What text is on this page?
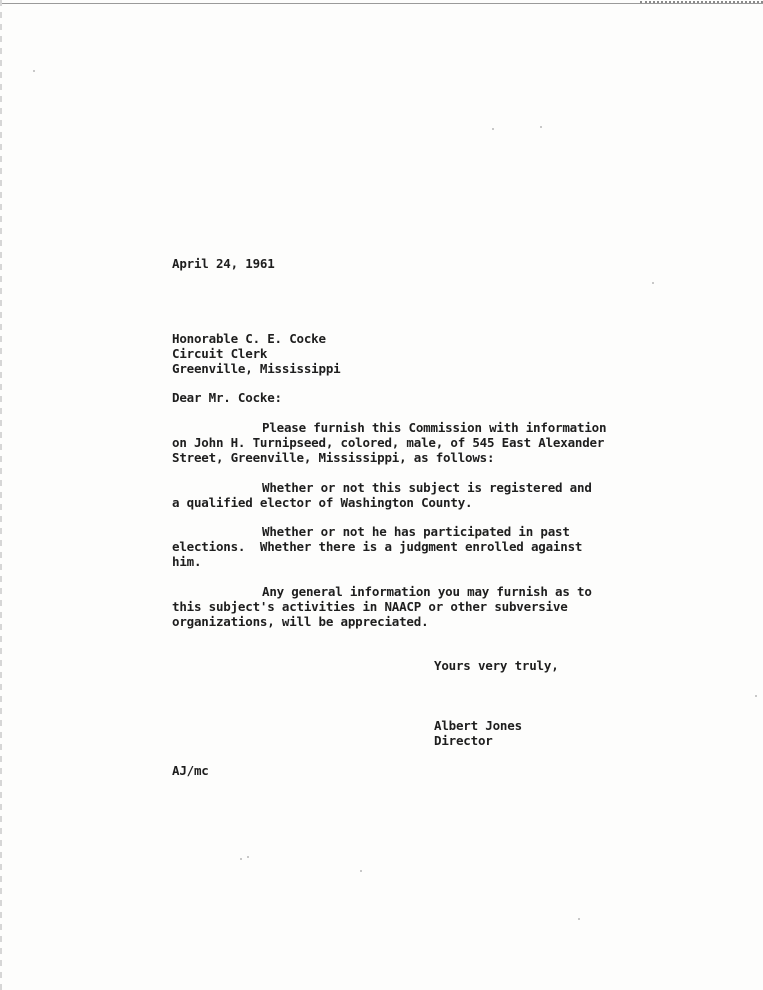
April 24, 1961
Honorable C. E. Cocke
Circuit Clerk
Greenville, Mississippi
Dear Mr. Cocke:
Please furnish this Commission with information
on John H. Turnipseed, colored, male, of 545 East Alexander
Street, Greenville, Mississippi, as follows:
Whether or not this subject is registered and
a qualified elector of Washington County.
Whether or not he has participated in past
elections.  Whether there is a judgment enrolled against
him.
Any general information you may furnish as to
this subject's activities in NAACP or other subversive
organizations, will be appreciated.
Yours very truly,
Albert Jones
Director
AJ/mc
